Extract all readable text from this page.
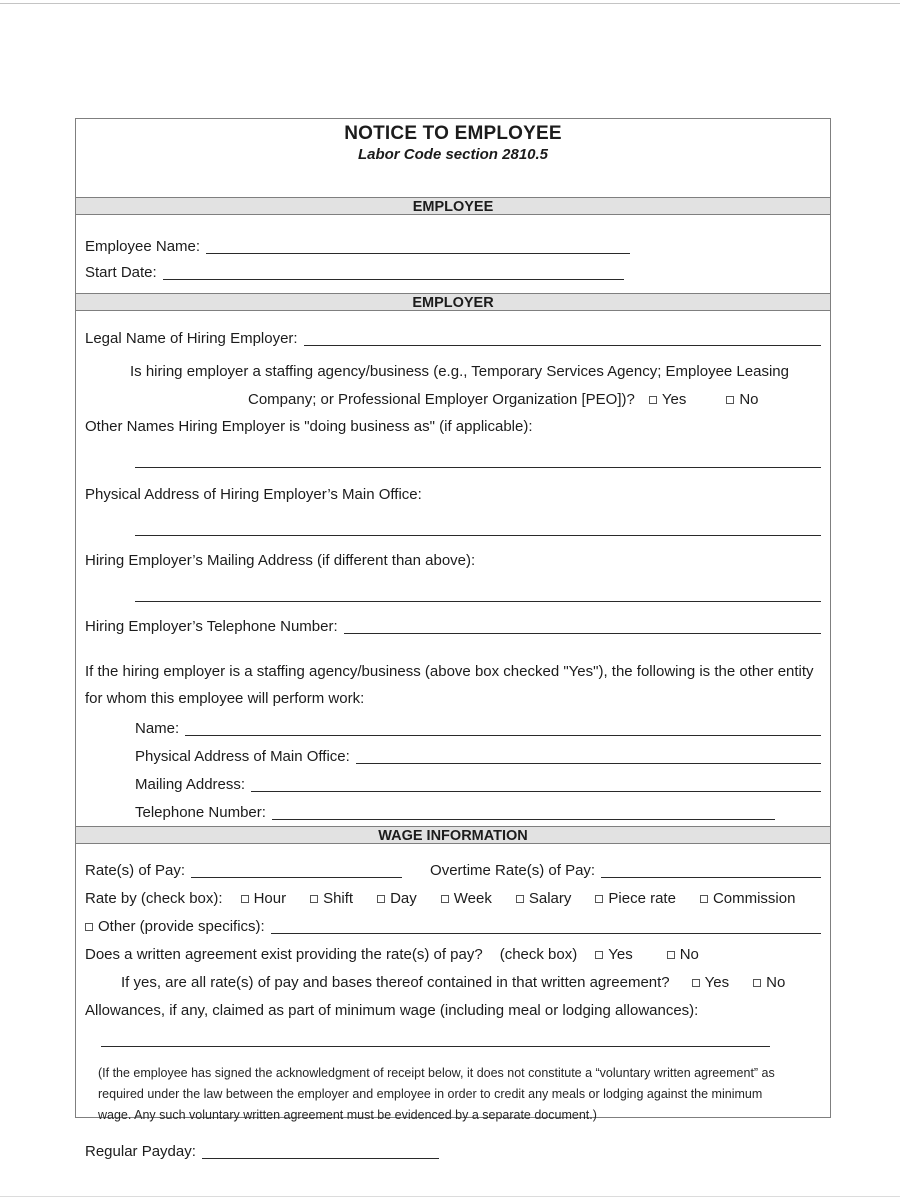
NOTICE TO EMPLOYEE
Labor Code section 2810.5
EMPLOYEE
Employee Name:
Start Date:
EMPLOYER
Legal Name of Hiring Employer:
Is hiring employer a staffing agency/business (e.g., Temporary Services Agency; Employee Leasing
Company; or Professional Employer Organization [PEO])? Yes	No
Other Names Hiring Employer is "doing business as" (if applicable):
Physical Address of Hiring Employer’s Main Office:
Hiring Employer’s Mailing Address (if different than above):
Hiring Employer’s Telephone Number:
If the hiring employer is a staffing agency/business (above box checked "Yes"), the following is the other entity for whom this employee will perform work:
Name:
Physical Address of Main Office:
Mailing Address:
Telephone Number:
WAGE INFORMATION
Rate(s) of Pay:	Overtime Rate(s) of Pay:
Rate by (check box): Hour Shift Day Week Salary Piece rate Commission
Other (provide specifics):
Does a written agreement exist providing the rate(s) of pay? (check box) Yes	No
If yes, are all rate(s) of pay and bases thereof contained in that written agreement? Yes No
Allowances, if any, claimed as part of minimum wage (including meal or lodging allowances):
(If the employee has signed the acknowledgment of receipt below, it does not constitute a “voluntary written agreement” as required under the law between the employer and employee in order to credit any meals or lodging against the minimum wage. Any such voluntary written agreement must be evidenced by a separate document.)
Regular Payday:
